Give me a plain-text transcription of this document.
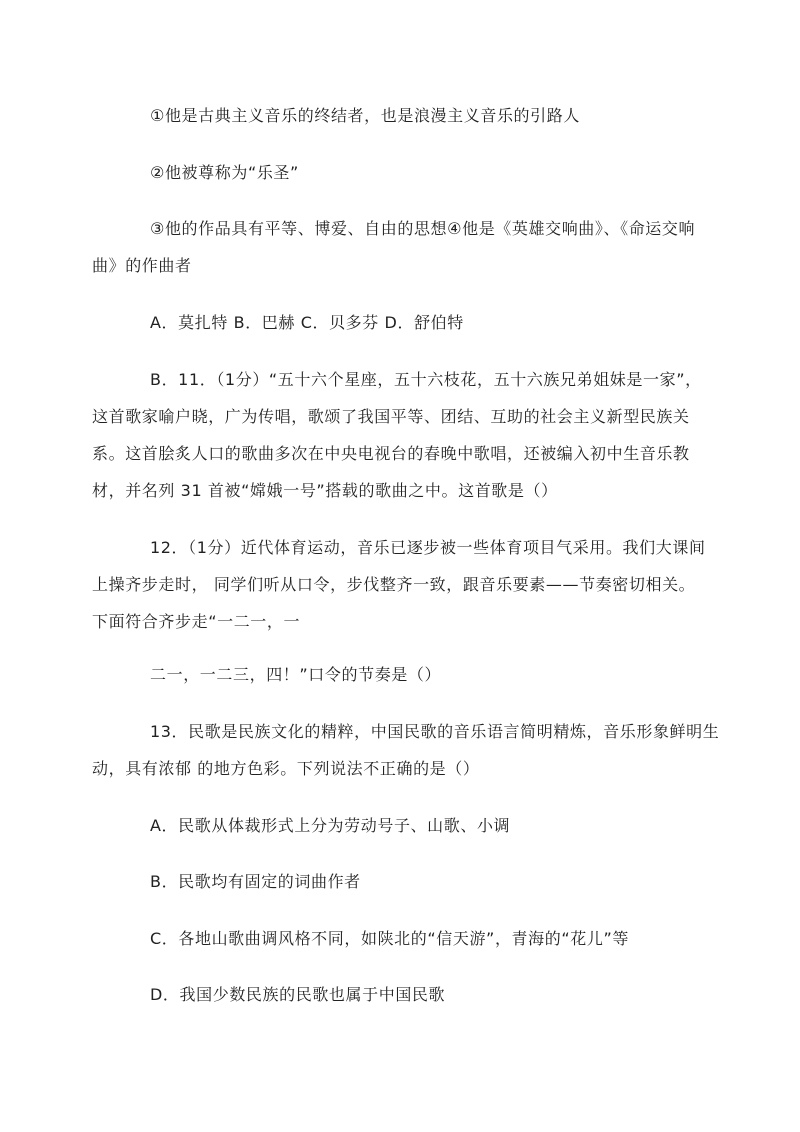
①他是古典主义音乐的终结者，也是浪漫主义音乐的引路人
②他被尊称为“乐圣”
③他的作品具有平等、博爱、自由的思想④他是《英雄交响曲》、《命运交响
曲》的作曲者
A．莫扎特 B．巴赫 C．贝多芬 D．舒伯特
B．11．（1分）“五十六个星座，五十六枝花，五十六族兄弟姐妹是一家”，
这首歌家喻户晓，广为传唱，歌颂了我国平等、团结、互助的社会主义新型民族关
系。这首脍炙人口的歌曲多次在中央电视台的春晚中歌唱，还被编入初中生音乐教
材，并名列 31 首被“嫦娥一号”搭载的歌曲之中。这首歌是（）
12．（1分）近代体育运动，音乐已逐步被一些体育项目气采用。我们大课间
上操齐步走时， 同学们听从口令，步伐整齐一致，跟音乐要素——节奏密切相关。
下面符合齐步走“一二一，一
二一，一二三，四！”口令的节奏是（）
13．民歌是民族文化的精粹，中国民歌的音乐语言简明精炼，音乐形象鲜明生
动，具有浓郁 的地方色彩。下列说法不正确的是（）
A．民歌从体裁形式上分为劳动号子、山歌、小调
B．民歌均有固定的词曲作者
C．各地山歌曲调风格不同，如陕北的“信天游”，青海的“花儿”等
D．我国少数民族的民歌也属于中国民歌
